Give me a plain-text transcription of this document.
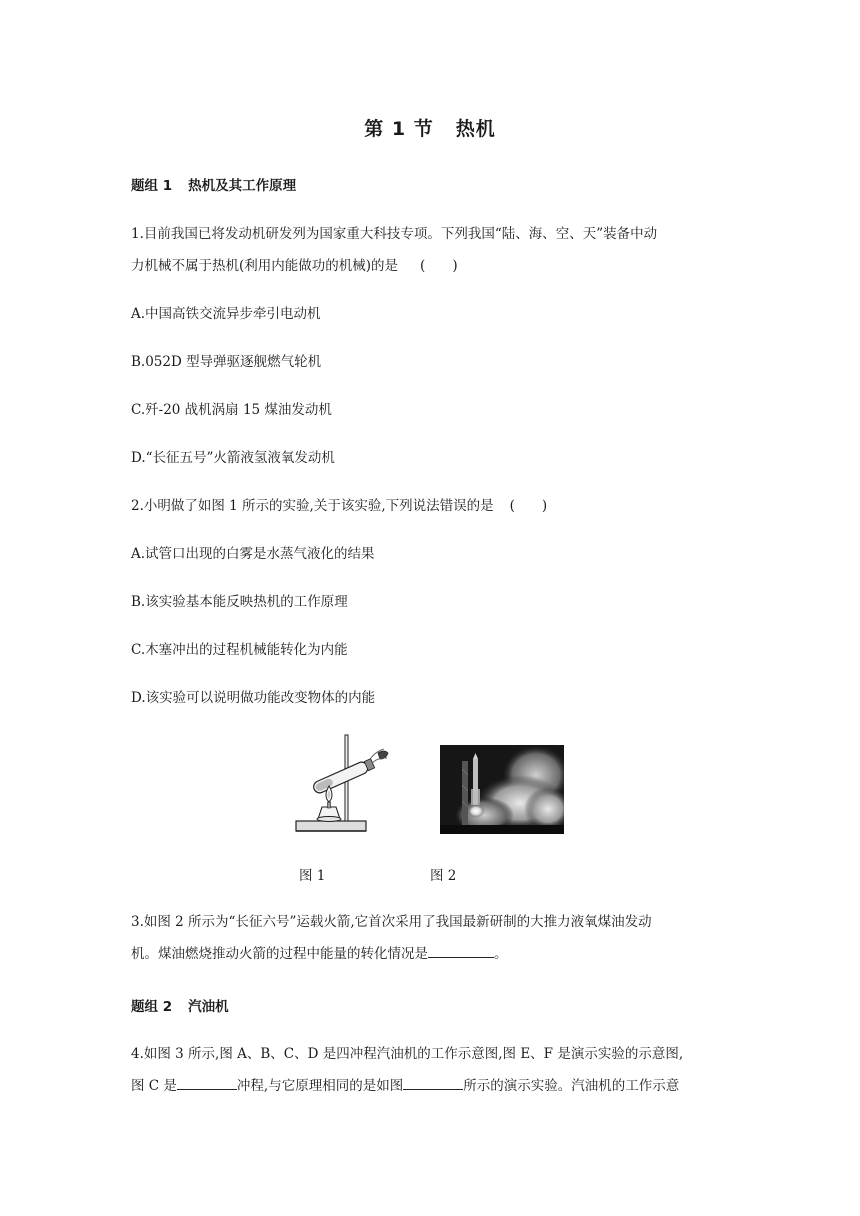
第 1 节 热机
题组 1 热机及其工作原理
1.目前我国已将发动机研发列为国家重大科技专项。下列我国“陆、海、空、天”装备中动
力机械不属于热机(利用内能做功的机械)的是 (　　)
A.中国高铁交流异步牵引电动机
B.052D 型导弹驱逐舰燃气轮机
C.歼-20 战机涡扇 15 煤油发动机
D.“长征五号”火箭液氢液氧发动机
2.小明做了如图 1 所示的实验,关于该实验,下列说法错误的是 (　　)
A.试管口出现的白雾是水蒸气液化的结果
B.该实验基本能反映热机的工作原理
C.木塞冲出的过程机械能转化为内能
D.该实验可以说明做功能改变物体的内能
图 1	图 2
3.如图 2 所示为“长征六号”运载火箭,它首次采用了我国最新研制的大推力液氧煤油发动
机。煤油燃烧推动火箭的过程中能量的转化情况是	。
题组 2 汽油机
4.如图 3 所示,图 A、B、C、D 是四冲程汽油机的工作示意图,图 E、F 是演示实验的示意图,
图 C 是	冲程,与它原理相同的是如图	所示的演示实验。汽油机的工作示意
